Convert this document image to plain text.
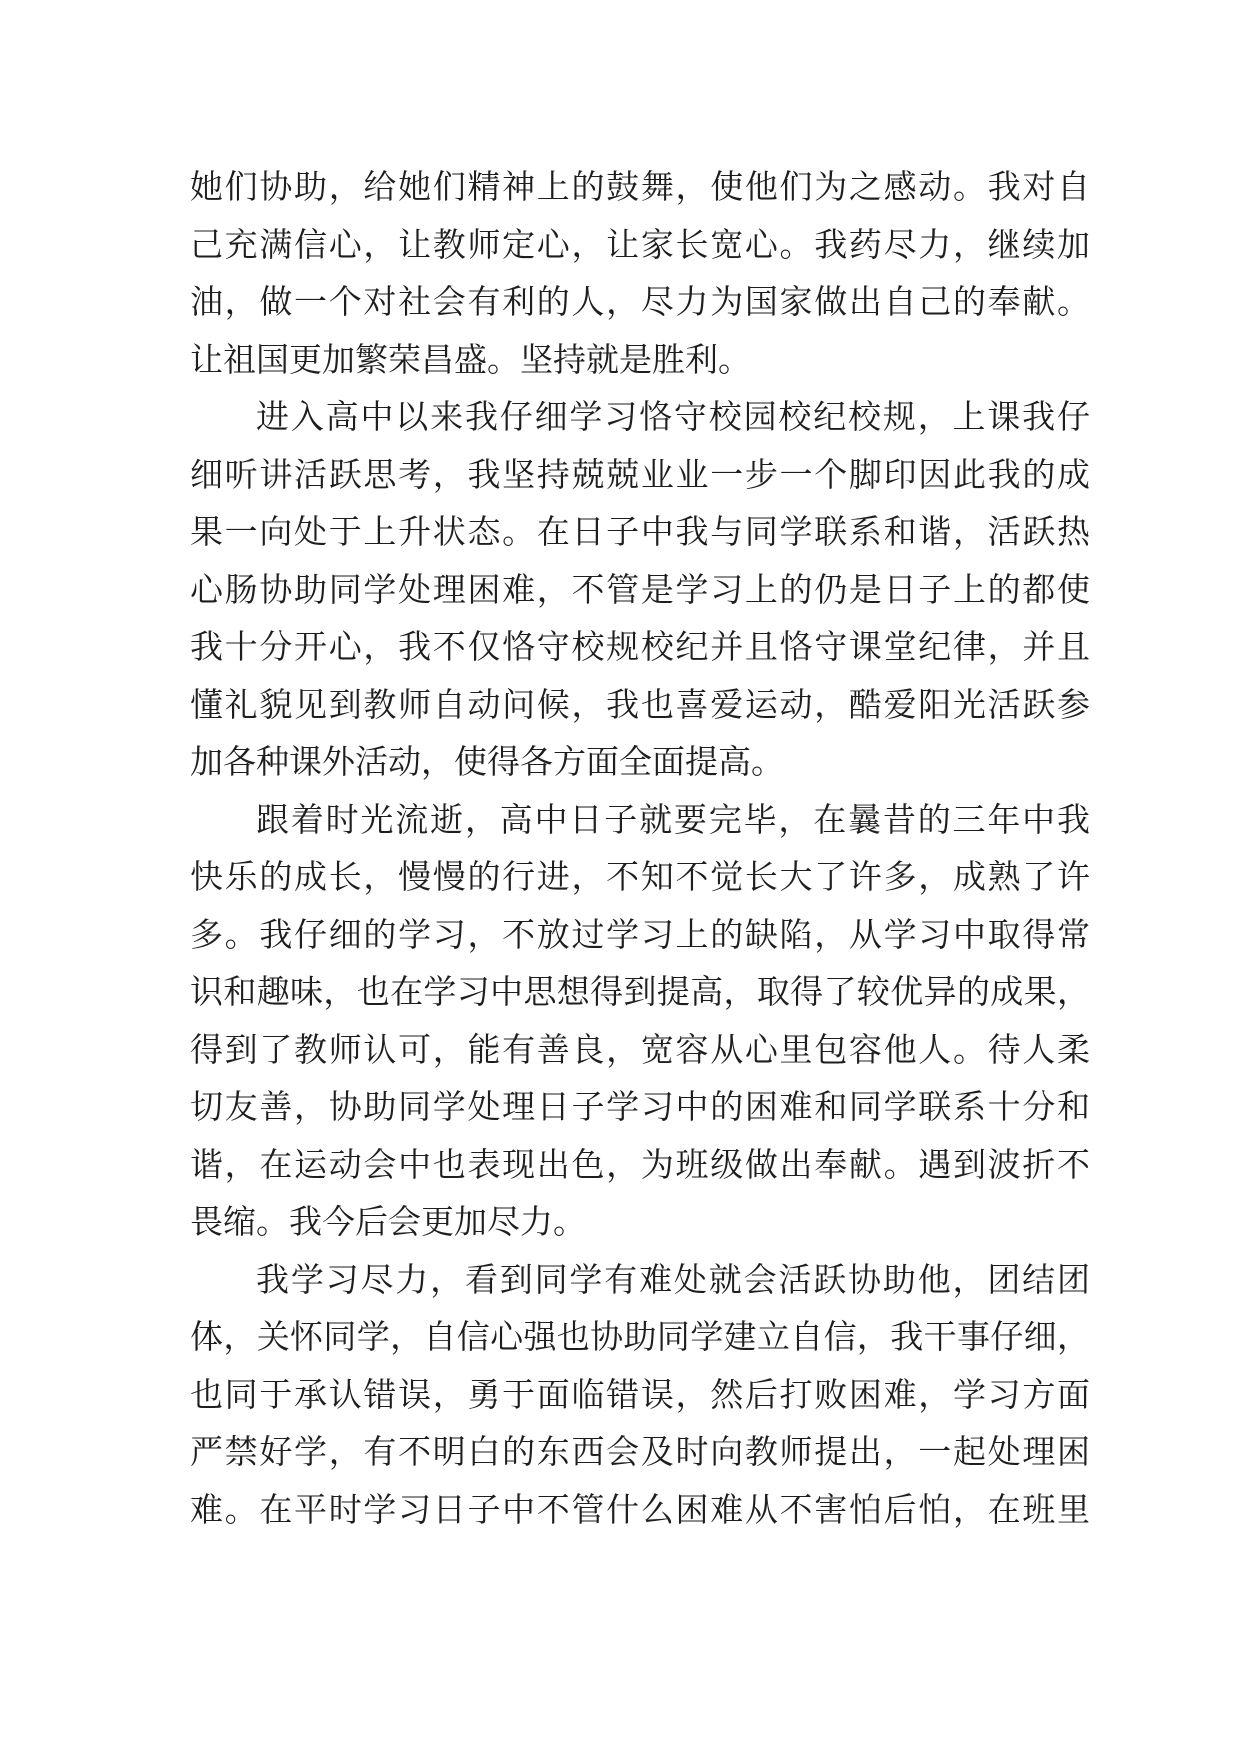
她们协助，给她们精神上的鼓舞，使他们为之感动。我对自
己充满信心，让教师定心，让家长宽心。我药尽力，继续加
油，做一个对社会有利的人，尽力为国家做出自己的奉献。
让祖国更加繁荣昌盛。坚持就是胜利。
进入高中以来我仔细学习恪守校园校纪校规，上课我仔
细听讲活跃思考，我坚持兢兢业业一步一个脚印因此我的成
果一向处于上升状态。在日子中我与同学联系和谐，活跃热
心肠协助同学处理困难，不管是学习上的仍是日子上的都使
我十分开心，我不仅恪守校规校纪并且恪守课堂纪律，并且
懂礼貌见到教师自动问候，我也喜爱运动，酷爱阳光活跃参
加各种课外活动，使得各方面全面提高。
跟着时光流逝，高中日子就要完毕，在曩昔的三年中我
快乐的成长，慢慢的行进，不知不觉长大了许多，成熟了许
多。我仔细的学习，不放过学习上的缺陷，从学习中取得常
识和趣味，也在学习中思想得到提高，取得了较优异的成果，
得到了教师认可，能有善良，宽容从心里包容他人。待人柔
切友善，协助同学处理日子学习中的困难和同学联系十分和
谐，在运动会中也表现出色，为班级做出奉献。遇到波折不
畏缩。我今后会更加尽力。
我学习尽力，看到同学有难处就会活跃协助他，团结团
体，关怀同学，自信心强也协助同学建立自信，我干事仔细，
也同于承认错误，勇于面临错误，然后打败困难，学习方面
严禁好学，有不明白的东西会及时向教师提出，一起处理困
难。在平时学习日子中不管什么困难从不害怕后怕，在班里
